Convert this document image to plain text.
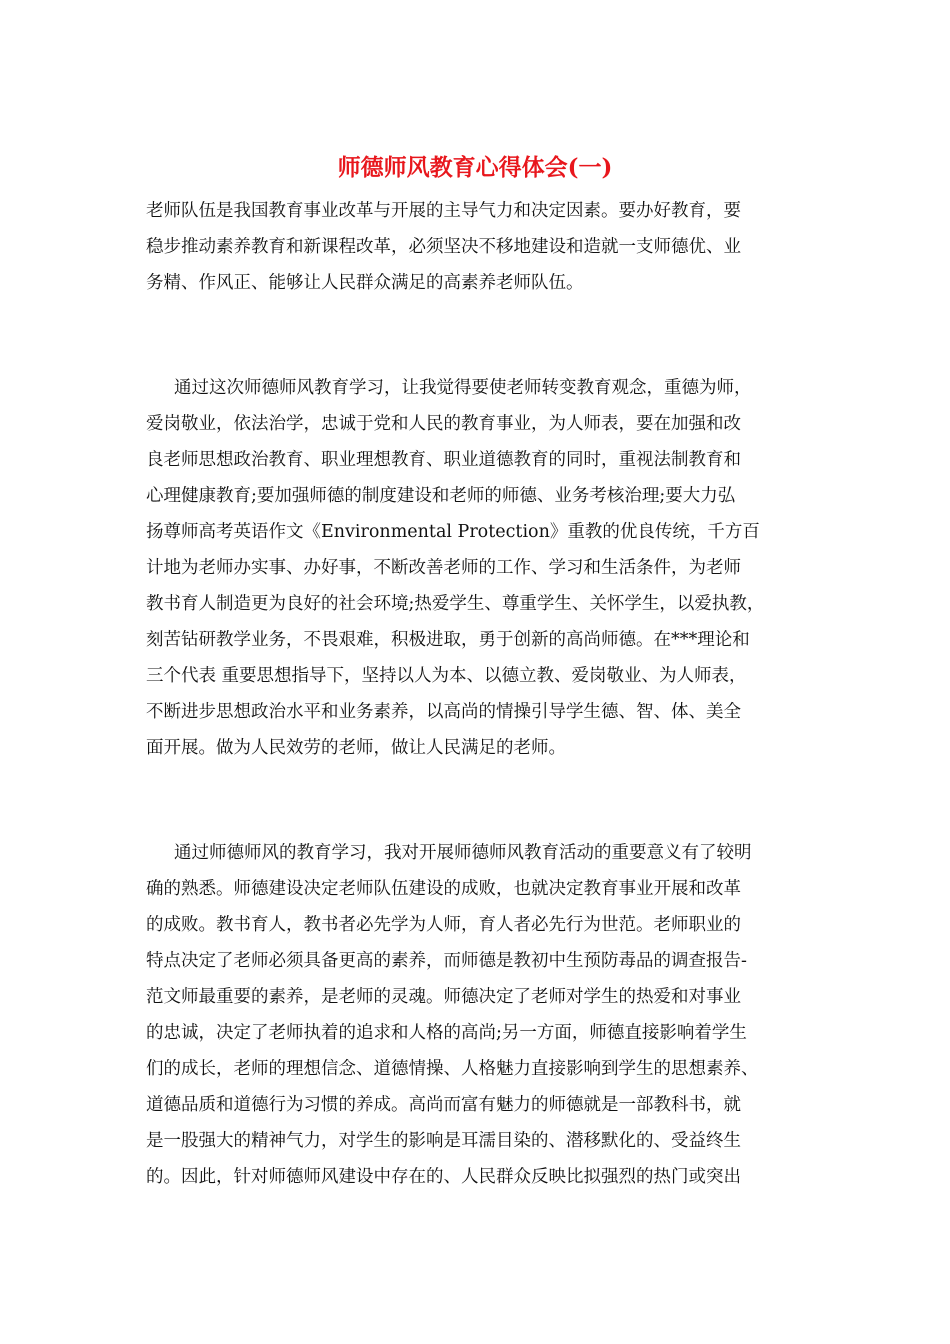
师德师风教育心得体会(一)
老师队伍是我国教育事业改革与开展的主导气力和决定因素。要办好教育，要
稳步推动素养教育和新课程改革，必须坚决不移地建设和造就一支师德优、业
务精、作风正、能够让人民群众满足的高素养老师队伍。
通过这次师德师风教育学习，让我觉得要使老师转变教育观念，重德为师，
爱岗敬业，依法治学，忠诚于党和人民的教育事业，为人师表，要在加强和改
良老师思想政治教育、职业理想教育、职业道德教育的同时，重视法制教育和
心理健康教育;要加强师德的制度建设和老师的师德、业务考核治理;要大力弘
扬尊师高考英语作文《Environmental Protection》重教的优良传统，千方百
计地为老师办实事、办好事，不断改善老师的工作、学习和生活条件，为老师
教书育人制造更为良好的社会环境;热爱学生、尊重学生、关怀学生，以爱执教，
刻苦钻研教学业务，不畏艰难，积极进取，勇于创新的高尚师德。在***理论和
三个代表 重要思想指导下，坚持以人为本、以德立教、爱岗敬业、为人师表，
不断进步思想政治水平和业务素养，以高尚的情操引导学生德、智、体、美全
面开展。做为人民效劳的老师，做让人民满足的老师。
通过师德师风的教育学习，我对开展师德师风教育活动的重要意义有了较明
确的熟悉。师德建设决定老师队伍建设的成败，也就决定教育事业开展和改革
的成败。教书育人，教书者必先学为人师，育人者必先行为世范。老师职业的
特点决定了老师必须具备更高的素养，而师德是教初中生预防毒品的调查报告-
范文师最重要的素养，是老师的灵魂。师德决定了老师对学生的热爱和对事业
的忠诚，决定了老师执着的追求和人格的高尚;另一方面，师德直接影响着学生
们的成长，老师的理想信念、道德情操、人格魅力直接影响到学生的思想素养、
道德品质和道德行为习惯的养成。高尚而富有魅力的师德就是一部教科书，就
是一股强大的精神气力，对学生的影响是耳濡目染的、潜移默化的、受益终生
的。因此，针对师德师风建设中存在的、人民群众反映比拟强烈的热门或突出
